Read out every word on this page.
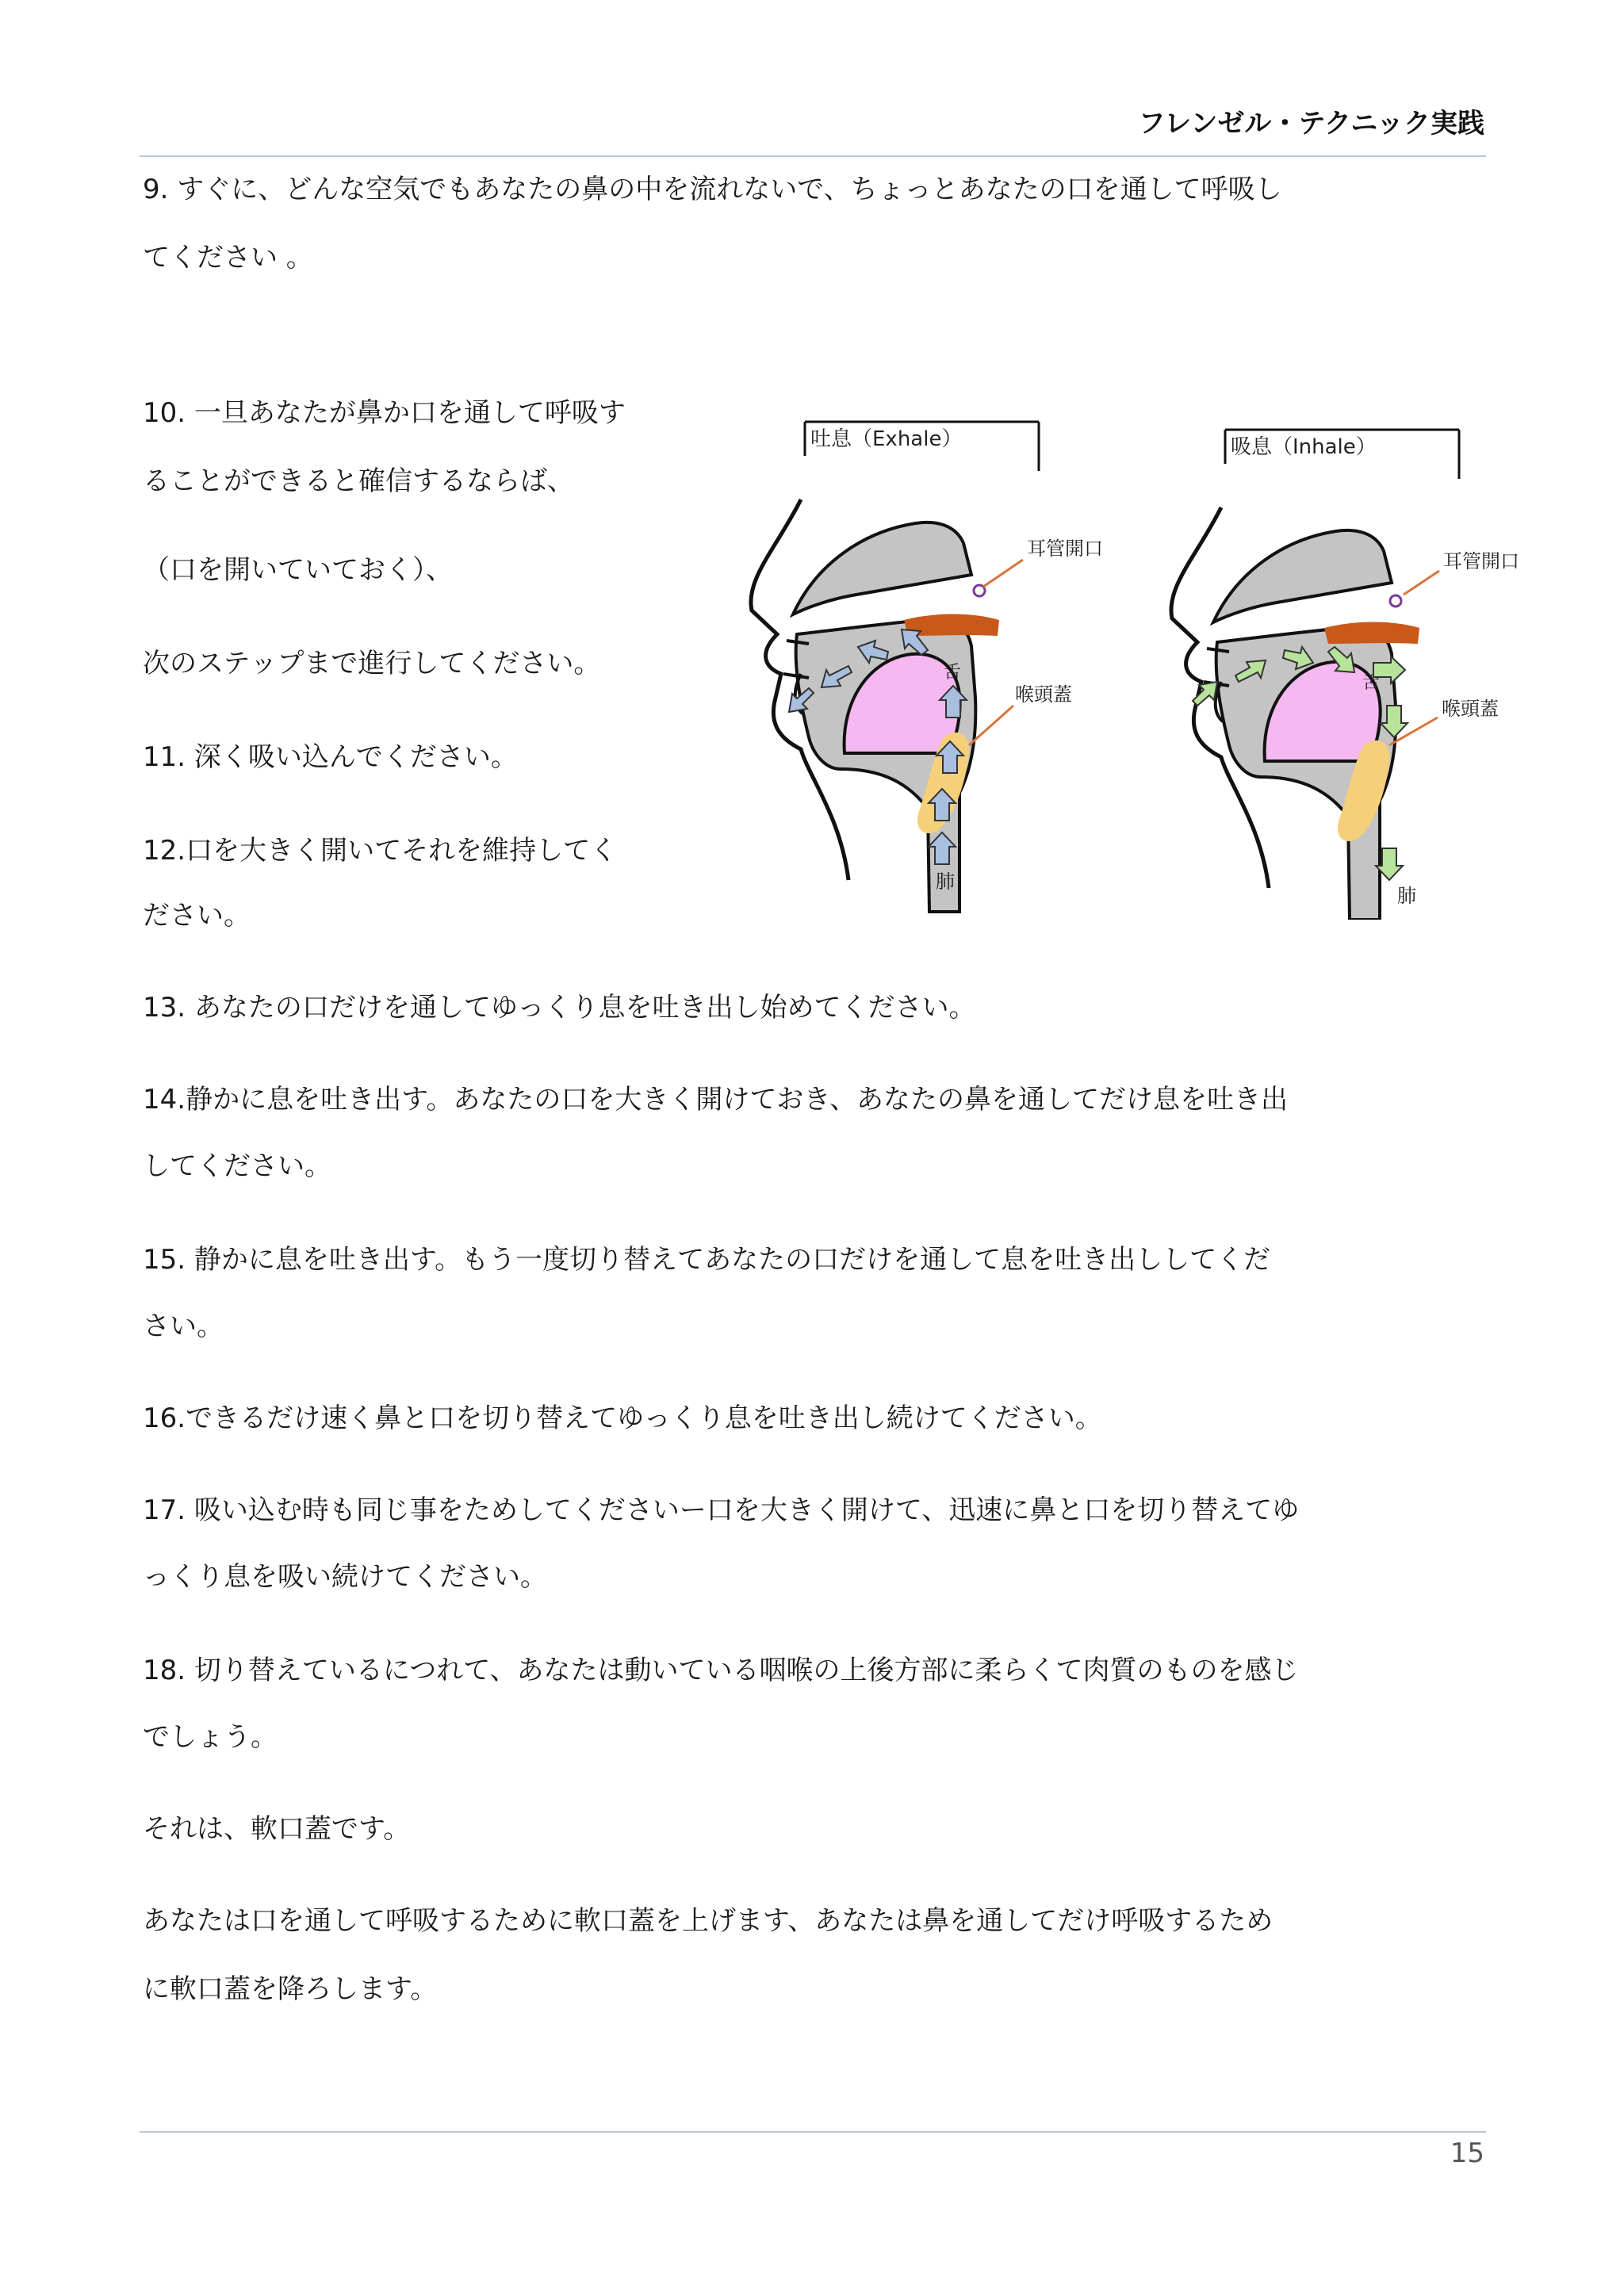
フレンゼル・テクニック実践
9. すぐに、どんな空気でもあなたの鼻の中を流れないで、ちょっとあなたの口を通して呼吸し
てください 。
10. 一旦あなたが鼻か口を通して呼吸す
ることができると確信するならば、
（口を開いていておく）、
次のステップまで進行してください。
11. 深く吸い込んでください。
12.口を大きく開いてそれを維持してく
ださい。
13. あなたの口だけを通してゆっくり息を吐き出し始めてください。
14.静かに息を吐き出す。あなたの口を大きく開けておき、あなたの鼻を通してだけ息を吐き出
してください。
15. 静かに息を吐き出す。もう一度切り替えてあなたの口だけを通して息を吐き出ししてくだ
さい。
16.できるだけ速く鼻と口を切り替えてゆっくり息を吐き出し続けてください。
17. 吸い込む時も同じ事をためしてくださいー口を大きく開けて、迅速に鼻と口を切り替えてゆ
っくり息を吸い続けてください。
18. 切り替えているにつれて、あなたは動いている咽喉の上後方部に柔らくて肉質のものを感じ
でしょう。
それは、軟口蓋です。
あなたは口を通して呼吸するために軟口蓋を上げます、あなたは鼻を通してだけ呼吸するため
に軟口蓋を降ろします。
吐息（Exhale）
耳管開口
舌
喉頭蓋
肺
吸息（Inhale）
耳管開口
舌
喉頭蓋
肺
15
